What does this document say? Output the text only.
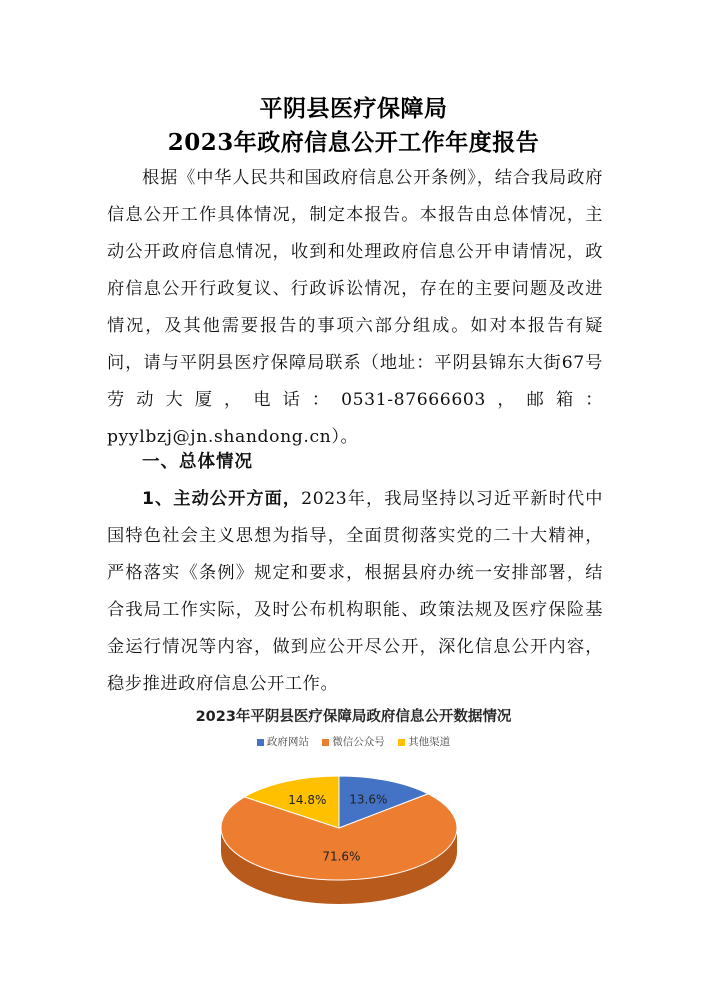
平阴县医疗保障局
2023年政府信息公开工作年度报告
根据《中华人民共和国政府信息公开条例》，结合我局政府信息公开工作具体情况，制定本报告。本报告由总体情况，主动公开政府信息情况，收到和处理政府信息公开申请情况，政府信息公开行政复议、行政诉讼情况，存在的主要问题及改进情况，及其他需要报告的事项六部分组成。如对本报告有疑问，请与平阴县医疗保障局联系（地址：平阴县锦东大街67号劳动大厦，电话：0531-87666603，邮箱：pyylbzj@jn.shandong.cn）。
一、总体情况
1、主动公开方面，2023年，我局坚持以习近平新时代中国特色社会主义思想为指导，全面贯彻落实党的二十大精神，严格落实《条例》规定和要求，根据县府办统一安排部署，结合我局工作实际，及时公布机构职能、政策法规及医疗保险基金运行情况等内容，做到应公开尽公开，深化信息公开内容，稳步推进政府信息公开工作。
2023年平阴县医疗保障局政府信息公开数据情况
政府网站 微信公众号 其他渠道
13.6%
71.6%
14.8%
